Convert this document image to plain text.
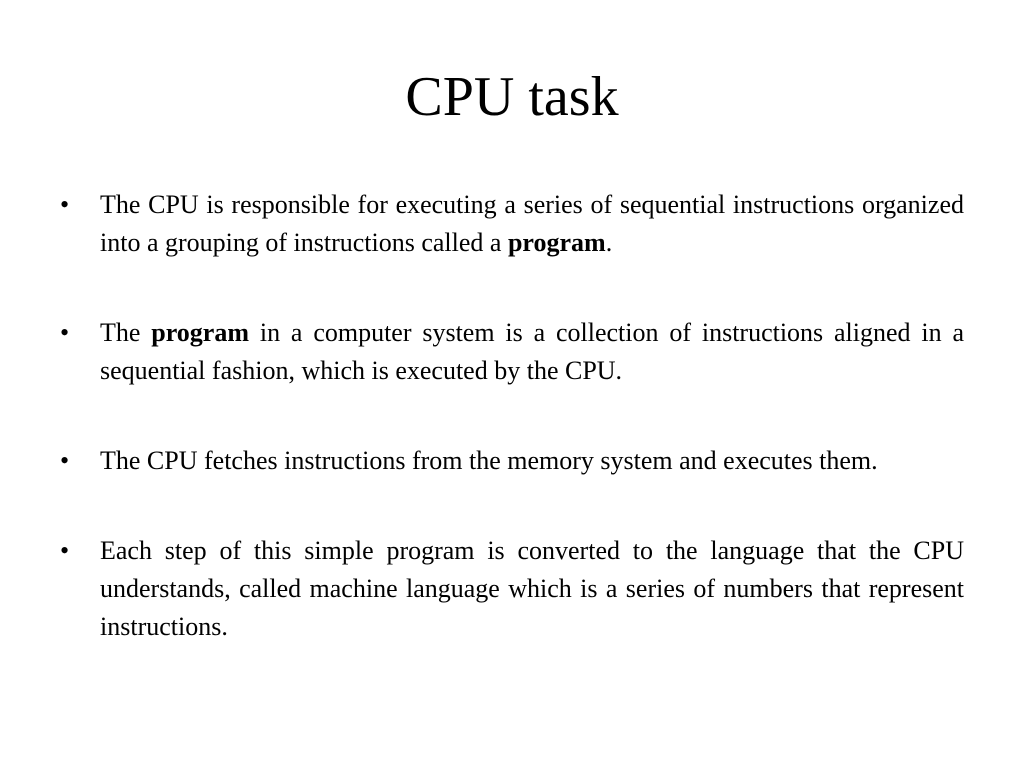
CPU task
•	The CPU is responsible for executing a series of sequential instructions organized into a grouping of instructions called a program.
•	The program in a computer system is a collection of instructions aligned in a sequential fashion, which is executed by the CPU.
•	The CPU fetches instructions from the memory system and executes them.
•	Each step of this simple program is converted to the language that the CPU understands, called machine language which is a series of numbers that represent instructions.
